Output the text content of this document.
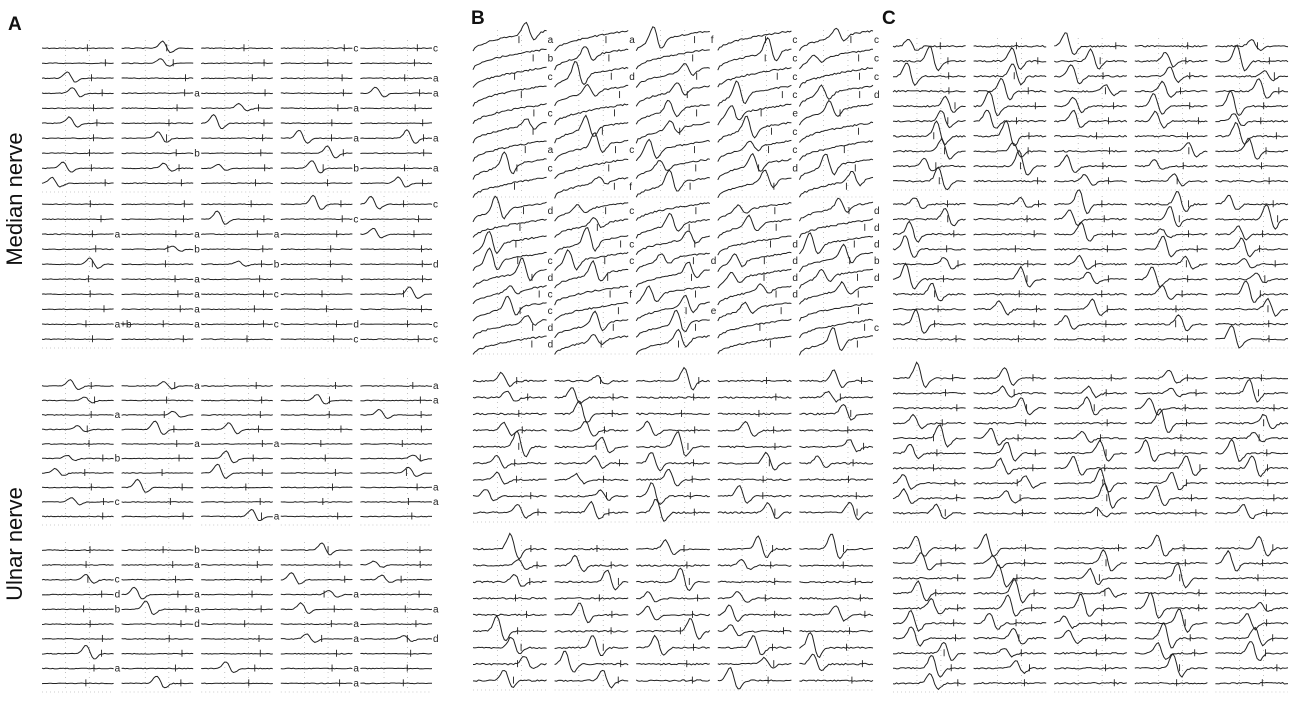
A	B	C
Median nerve
Ulnar nerve
a
b
c
a
a
b
c
a
a
a
a
a
a+b
a
b
a
a
a
a
a
b
c
c
c
d
c
c
d
c
c
a
b
c
a
a	a
a
a
a
a
a
c
d
b
a
b
a
a
a
d
a
a
a
a
a
a
d
a
b
c
c
a
c
a
d
c
f
f	c
c
c
c
e
c
c
d
c
c
c
d
d
c
d
c
c
d
d
c
c
c
f
d
e
d
d
d
d
d
d
d
b
d
c
